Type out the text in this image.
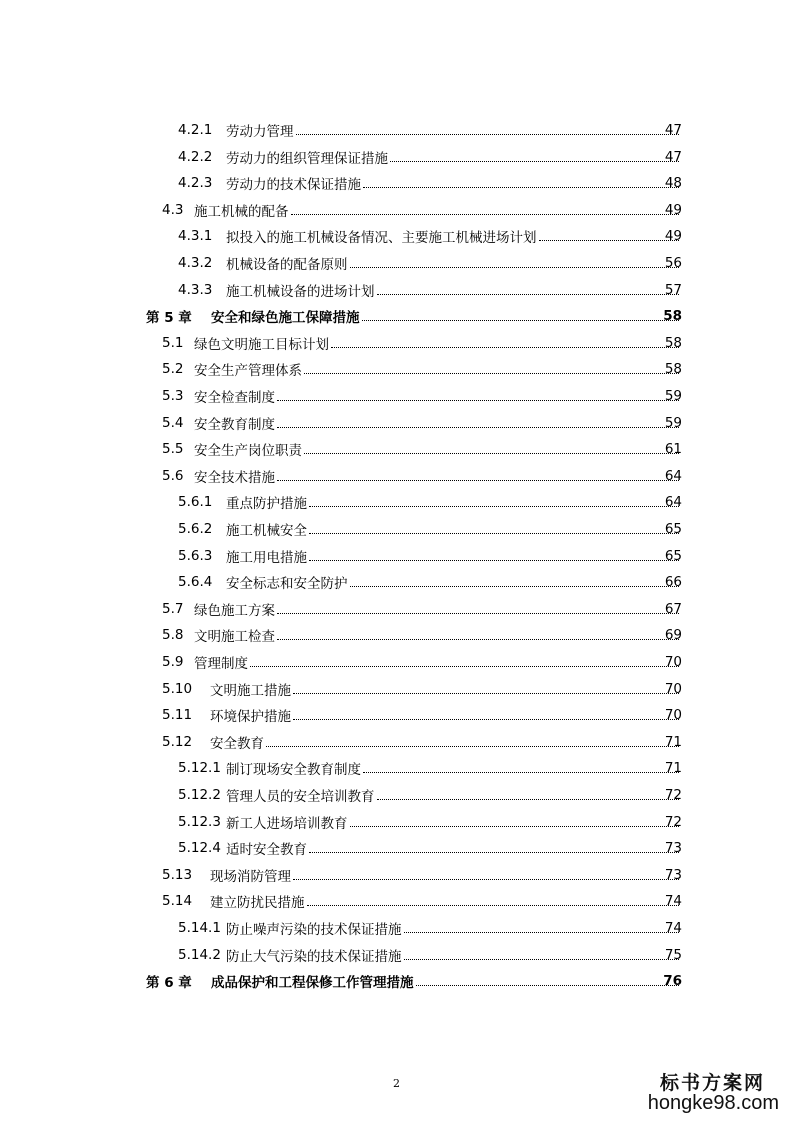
4.2.1 劳动力管理	47
4.2.2 劳动力的组织管理保证措施	47
4.2.3 劳动力的技术保证措施	48
4.3 施工机械的配备	49
4.3.1 拟投入的施工机械设备情况、主要施工机械进场计划	49
4.3.2 机械设备的配备原则	56
4.3.3 施工机械设备的进场计划	57
第 5 章 安全和绿色施工保障措施	58
5.1 绿色文明施工目标计划	58
5.2 安全生产管理体系	58
5.3 安全检查制度	59
5.4 安全教育制度	59
5.5 安全生产岗位职责	61
5.6 安全技术措施	64
5.6.1 重点防护措施	64
5.6.2 施工机械安全	65
5.6.3 施工用电措施	65
5.6.4 安全标志和安全防护	66
5.7 绿色施工方案	67
5.8 文明施工检查	69
5.9 管理制度	70
5.10 文明施工措施	70
5.11 环境保护措施	70
5.12 安全教育	71
5.12.1 制订现场安全教育制度	71
5.12.2 管理人员的安全培训教育	72
5.12.3 新工人进场培训教育	72
5.12.4 适时安全教育	73
5.13 现场消防管理	73
5.14 建立防扰民措施	74
5.14.1 防止噪声污染的技术保证措施	74
5.14.2 防止大气污染的技术保证措施	75
第 6 章 成品保护和工程保修工作管理措施	76
2	标书方案网
hongke98.com
